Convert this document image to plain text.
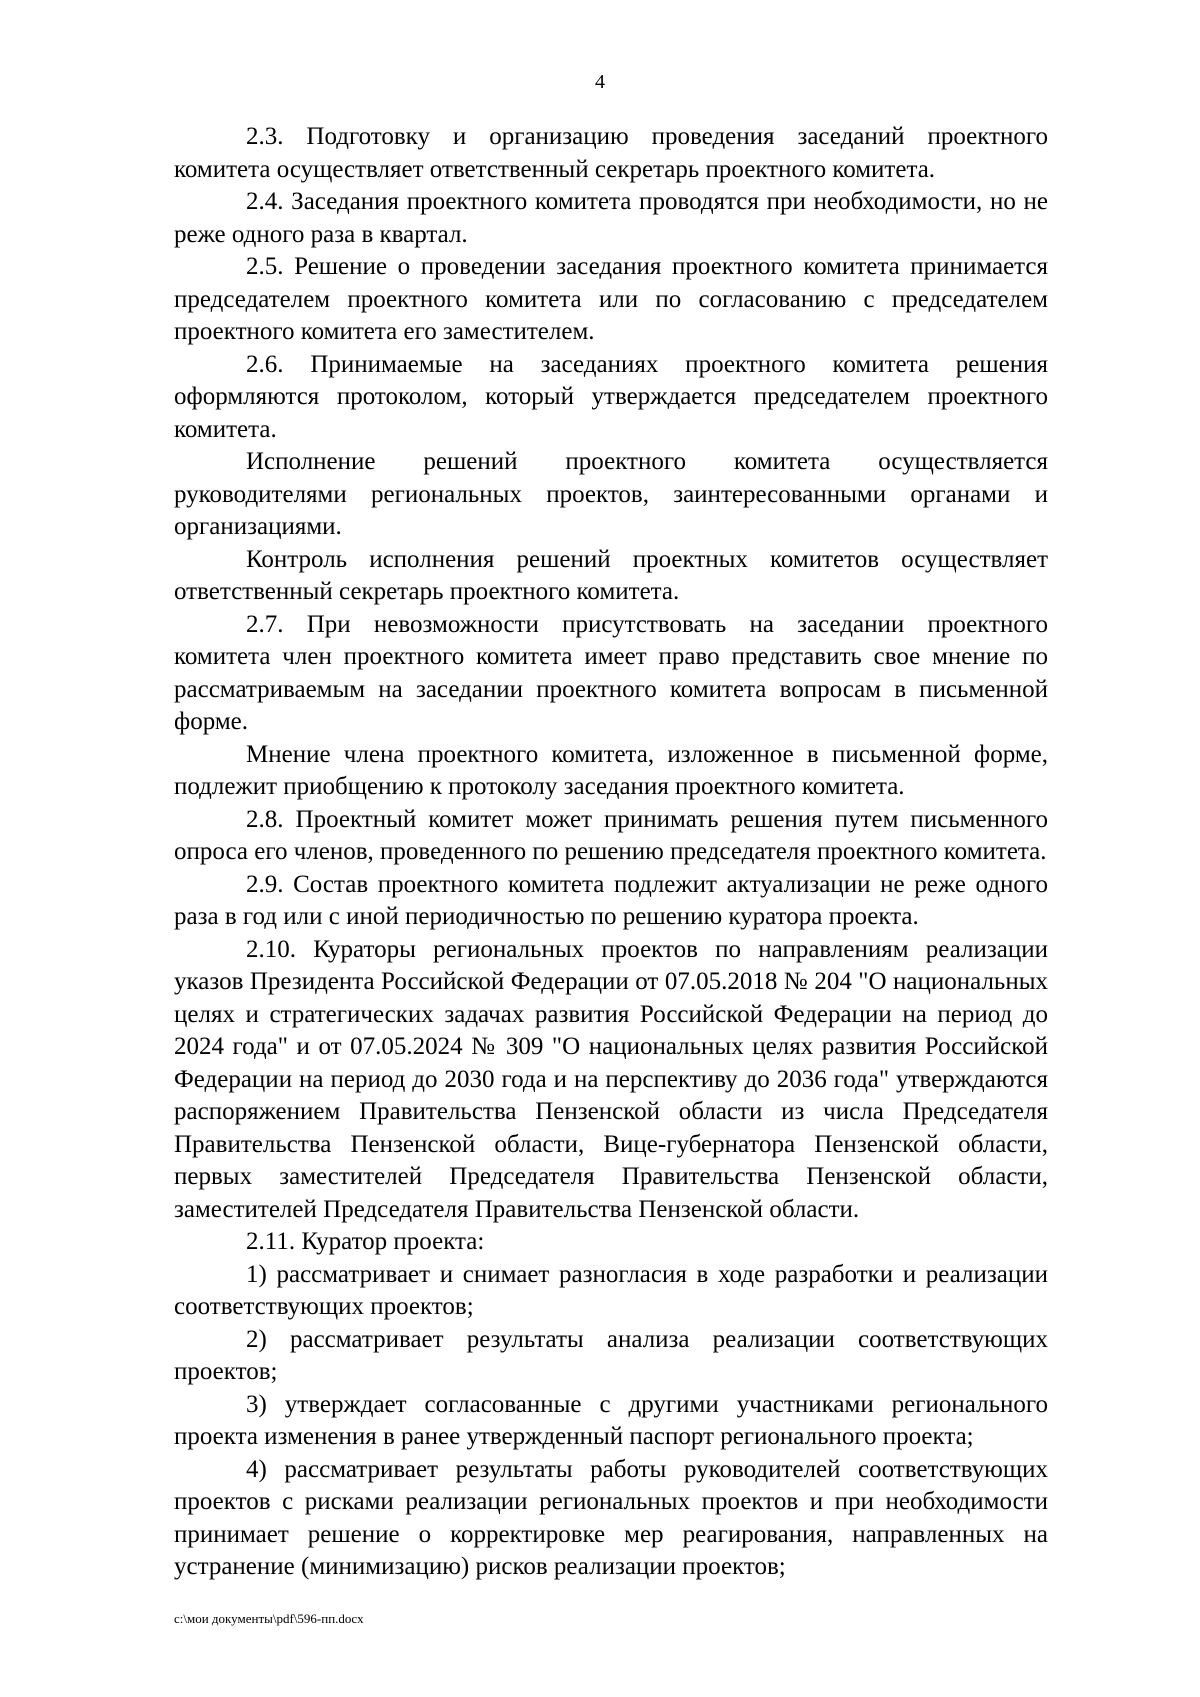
4

2.3. Подготовку и организацию проведения заседаний проектного комитета осуществляет ответственный секретарь проектного комитета.

2.4. Заседания проектного комитета проводятся при необходимости, но не реже одного раза в квартал.

2.5. Решение о проведении заседания проектного комитета принимается председателем проектного комитета или по согласованию с председателем проектного комитета его заместителем.

2.6. Принимаемые на заседаниях проектного комитета решения оформляются протоколом, который утверждается председателем проектного комитета.

Исполнение решений проектного комитета осуществляется руководителями региональных проектов, заинтересованными органами и организациями.

Контроль исполнения решений проектных комитетов осуществляет ответственный секретарь проектного комитета.

2.7. При невозможности присутствовать на заседании проектного комитета член проектного комитета имеет право представить свое мнение по рассматриваемым на заседании проектного комитета вопросам в письменной форме.

Мнение члена проектного комитета, изложенное в письменной форме, подлежит приобщению к протоколу заседания проектного комитета.

2.8. Проектный комитет может принимать решения путем письменного опроса его членов, проведенного по решению председателя проектного комитета.

2.9. Состав проектного комитета подлежит актуализации не реже одного раза в год или с иной периодичностью по решению куратора проекта.

2.10. Кураторы региональных проектов по направлениям реализации указов Президента Российской Федерации от 07.05.2018 № 204 "О национальных целях и стратегических задачах развития Российской Федерации на период до 2024 года" и от 07.05.2024 № 309 "О национальных целях развития Российской Федерации на период до 2030 года и на перспективу до 2036 года" утверждаются распоряжением Правительства Пензенской области из числа Председателя Правительства Пензенской области, Вице-губернатора Пензенской области, первых заместителей Председателя Правительства Пензенской области, заместителей Председателя Правительства Пензенской области.

2.11. Куратор проекта:

1) рассматривает и снимает разногласия в ходе разработки и реализации соответствующих проектов;

2) рассматривает результаты анализа реализации соответствующих проектов;

3) утверждает согласованные с другими участниками регионального проекта изменения в ранее утвержденный паспорт регионального проекта;

4) рассматривает результаты работы руководителей соответствующих проектов с рисками реализации региональных проектов и при необходимости принимает решение о корректировке мер реагирования, направленных на устранение (минимизацию) рисков реализации проектов;

c:\мои документы\pdf\596-пп.docx
